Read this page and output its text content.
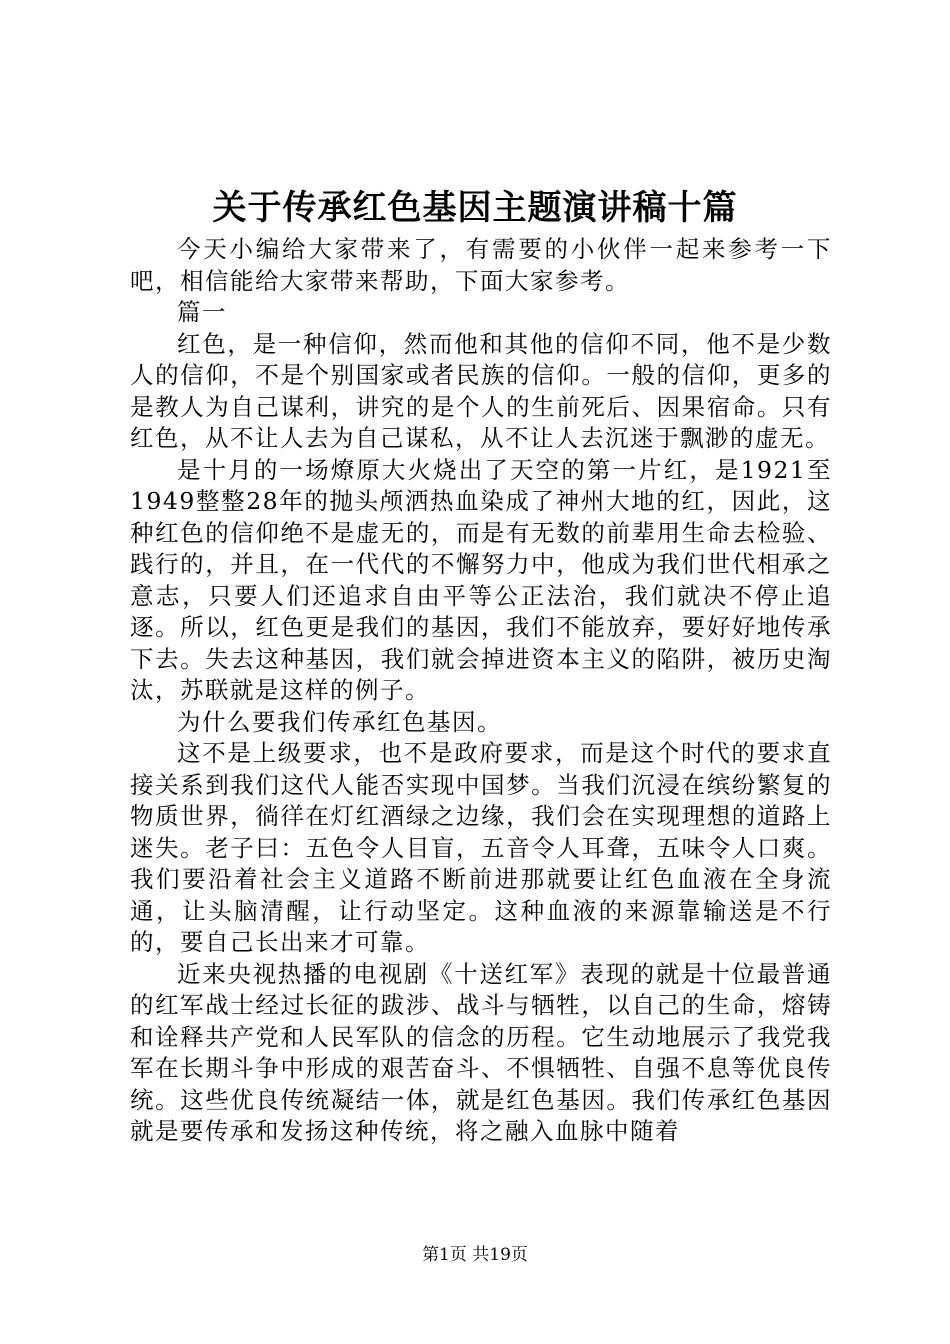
关于传承红色基因主题演讲稿十篇

今天小编给大家带来了，有需要的小伙伴一起来参考一下吧，相信能给大家带来帮助，下面大家参考。

篇一

红色，是一种信仰，然而他和其他的信仰不同，他不是少数人的信仰，不是个别国家或者民族的信仰。一般的信仰，更多的是教人为自己谋利，讲究的是个人的生前死后、因果宿命。只有红色，从不让人去为自己谋私，从不让人去沉迷于飘渺的虚无。

是十月的一场燎原大火烧出了天空的第一片红，是1921至1949整整28年的抛头颅洒热血染成了神州大地的红，因此，这种红色的信仰绝不是虚无的，而是有无数的前辈用生命去检验、践行的，并且，在一代代的不懈努力中，他成为我们世代相承之意志，只要人们还追求自由平等公正法治，我们就决不停止追逐。所以，红色更是我们的基因，我们不能放弃，要好好地传承下去。失去这种基因，我们就会掉进资本主义的陷阱，被历史淘汰，苏联就是这样的例子。

为什么要我们传承红色基因。

这不是上级要求，也不是政府要求，而是这个时代的要求直接关系到我们这代人能否实现中国梦。当我们沉浸在缤纷繁复的物质世界，徜徉在灯红酒绿之边缘，我们会在实现理想的道路上迷失。老子曰：五色令人目盲，五音令人耳聋，五味令人口爽。我们要沿着社会主义道路不断前进那就要让红色血液在全身流通，让头脑清醒，让行动坚定。这种血液的来源靠输送是不行的，要自己长出来才可靠。

近来央视热播的电视剧《十送红军》表现的就是十位最普通的红军战士经过长征的跋涉、战斗与牺牲，以自己的生命，熔铸和诠释共产党和人民军队的信念的历程。它生动地展示了我党我军在长期斗争中形成的艰苦奋斗、不惧牺牲、自强不息等优良传统。这些优良传统凝结一体，就是红色基因。我们传承红色基因就是要传承和发扬这种传统，将之融入血脉中随着

第1页 共19页
